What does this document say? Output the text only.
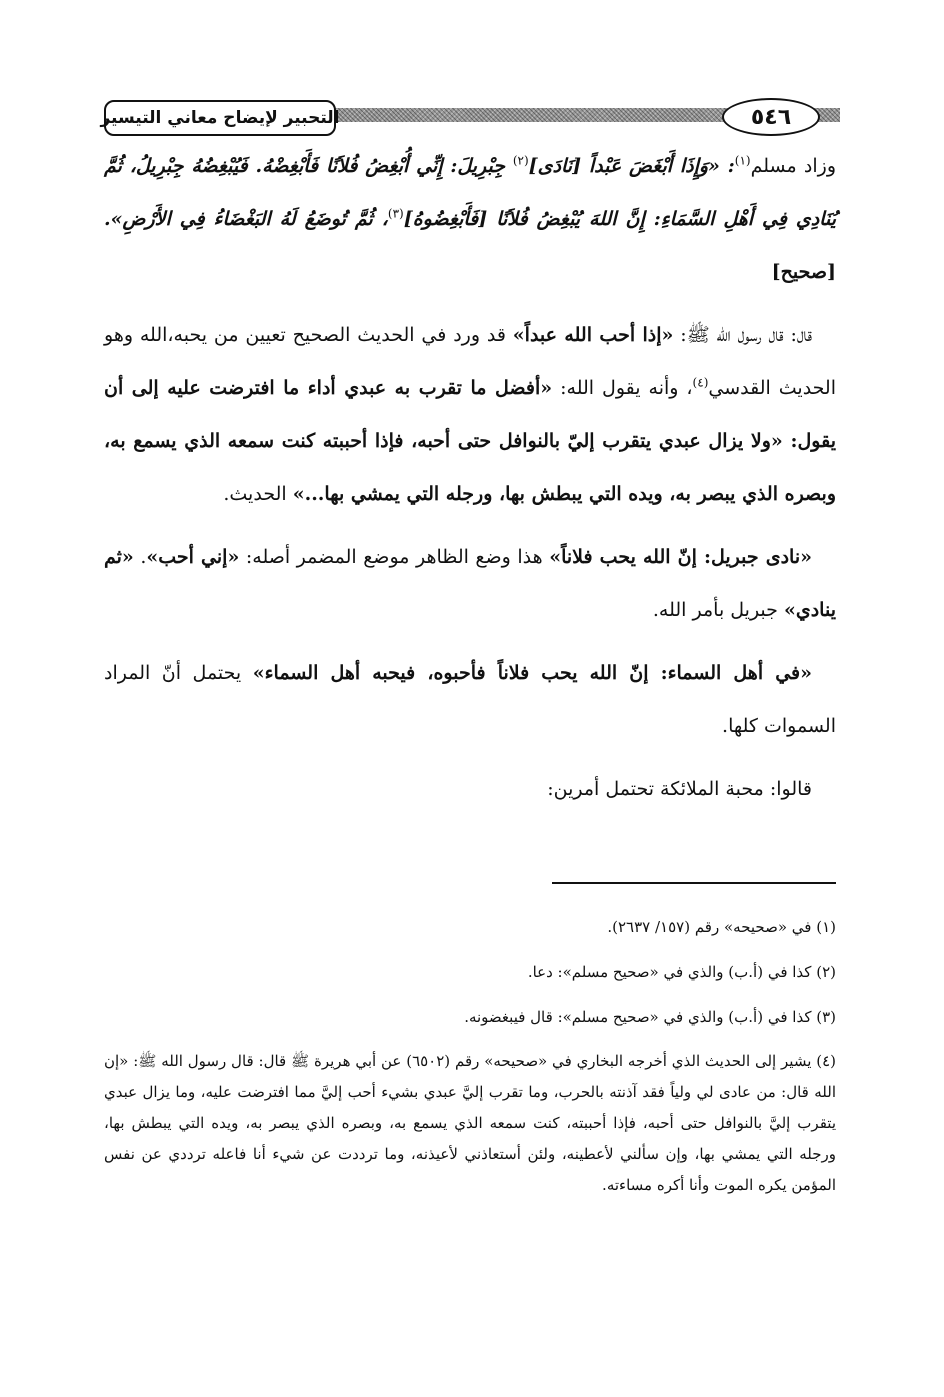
التحبير لإيضاح معاني التيسير	٥٤٦

وزاد مسلم$^{(١)}$: «وَإِذَا أَبْغَضَ عَبْداً [نَادَى]$^{(٢)}$ جِبْرِيلَ: إِنِّي أُبْغِضُ فُلاَنًا فَأَبْغِضْهُ. فَيُبْغِضُهُ جِبْرِيلُ، ثُمَّ يُنَادِي فِي أَهْلِ السَّمَاءِ: إِنَّ اللهَ يُبْغِضُ فُلاَنًا [فَأَبْغِضُوهُ]$^{(٣)}$، ثُمَّ تُوضَعُ لَهُ البَغْضَاءُ فِي الأَرْضِ». [صحيح]

قال: قال رسول الله ﷺ: «إذا أحب الله عبداً» قد ورد في الحديث الصحيح تعيين من يحبه،الله وهو الحديث القدسي$^{(٤)}$، وأنه يقول الله: «أفضل ما تقرب به عبدي أداء ما افترضت عليه إلى أن يقول: «ولا يزال عبدي يتقرب إليّ بالنوافل حتى أحبه، فإذا أحببته كنت سمعه الذي يسمع به، وبصره الذي يبصر به، ويده التي يبطش بها، ورجله التي يمشي بها...» الحديث.

«نادى جبريل: إنّ الله يحب فلاناً» هذا وضع الظاهر موضع المضمر أصله: «إني أحب». «ثم ينادي» جبريل بأمر الله.

«في أهل السماء: إنّ الله يحب فلاناً فأحبوه، فيحبه أهل السماء» يحتمل أنّ المراد السموات كلها.

قالوا: محبة الملائكة تحتمل أمرين:

(١) في «صحيحه» رقم (١٥٧/ ٢٦٣٧).

(٢) كذا في (أ.ب) والذي في «صحيح مسلم»: دعا.

(٣) كذا في (أ.ب) والذي في «صحيح مسلم»: قال فيبغضونه.

(٤) يشير إلى الحديث الذي أخرجه البخاري في «صحيحه» رقم (٦٥٠٢) عن أبي هريرة ﷺ قال: قال رسول الله ﷺ: «إن الله قال: من عادى لي ولياً فقد آذنته بالحرب، وما تقرب إليَّ عبدي بشيء أحب إليَّ مما افترضت عليه، وما يزال عبدي يتقرب إليَّ بالنوافل حتى أحبه، فإذا أحببته، كنت سمعه الذي يسمع به، وبصره الذي يبصر به، ويده التي يبطش بها، ورجله التي يمشي بها، وإن سألني لأعطينه، ولئن أستعاذني لأعيذنه، وما ترددت عن شيء أنا فاعله ترددي عن نفس المؤمن يكره الموت وأنا أكره مساءته.
